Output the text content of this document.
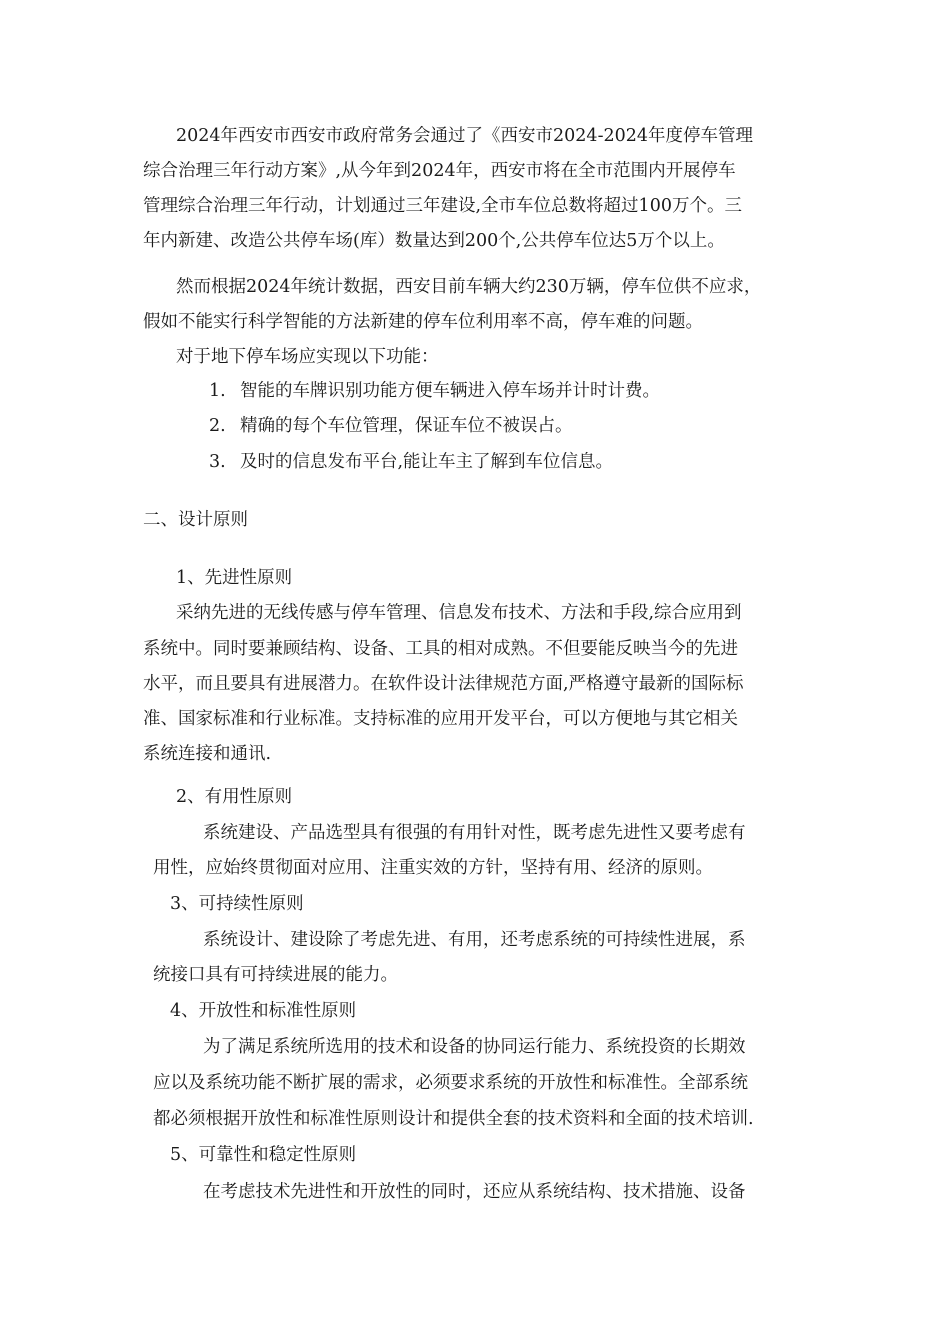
2024年西安市西安市政府常务会通过了《西安市2024-2024年度停车管理
综合治理三年行动方案》,从今年到2024年，西安市将在全市范围内开展停车
管理综合治理三年行动，计划通过三年建设,全市车位总数将超过100万个。三
年内新建、改造公共停车场(库）数量达到200个,公共停车位达5万个以上。
然而根据2024年统计数据，西安目前车辆大约230万辆，停车位供不应求，
假如不能实行科学智能的方法新建的停车位利用率不高，停车难的问题。
对于地下停车场应实现以下功能：
1. 智能的车牌识别功能方便车辆进入停车场并计时计费。
2. 精确的每个车位管理，保证车位不被误占。
3. 及时的信息发布平台,能让车主了解到车位信息。
二、设计原则
1、先进性原则
采纳先进的无线传感与停车管理、信息发布技术、方法和手段,综合应用到
系统中。同时要兼顾结构、设备、工具的相对成熟。不但要能反映当今的先进
水平，而且要具有进展潜力。在软件设计法律规范方面,严格遵守最新的国际标
准、国家标准和行业标准。支持标准的应用开发平台，可以方便地与其它相关
系统连接和通讯.
2、有用性原则
系统建设、产品选型具有很强的有用针对性，既考虑先进性又要考虑有
用性，应始终贯彻面对应用、注重实效的方针，坚持有用、经济的原则。
3、可持续性原则
系统设计、建设除了考虑先进、有用，还考虑系统的可持续性进展，系
统接口具有可持续进展的能力。
4、开放性和标准性原则
为了满足系统所选用的技术和设备的协同运行能力、系统投资的长期效
应以及系统功能不断扩展的需求，必须要求系统的开放性和标准性。全部系统
都必须根据开放性和标准性原则设计和提供全套的技术资料和全面的技术培训.
5、可靠性和稳定性原则
在考虑技术先进性和开放性的同时，还应从系统结构、技术措施、设备
